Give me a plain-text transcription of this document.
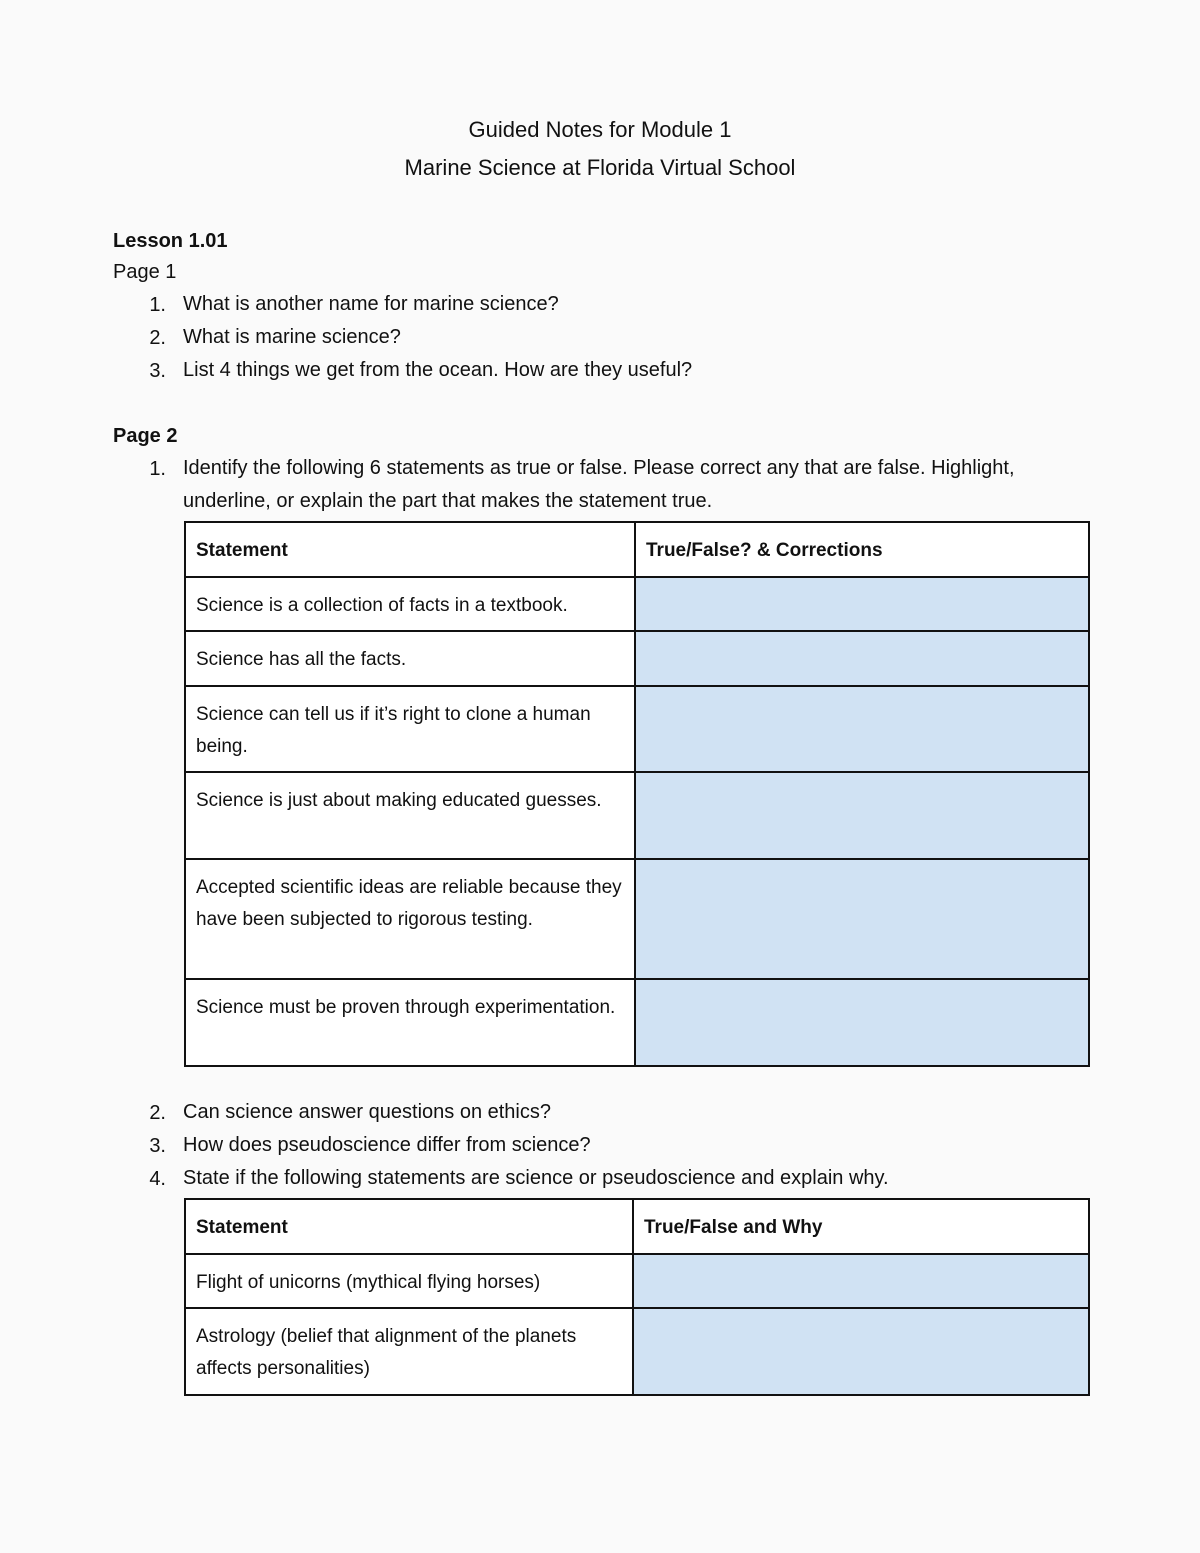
Guided Notes for Module 1
Marine Science at Florida Virtual School
Lesson 1.01
Page 1
1. What is another name for marine science?
2. What is marine science?
3. List 4 things we get from the ocean. How are they useful?
Page 2
1. Identify the following 6 statements as true or false. Please correct any that are false. Highlight, underline, or explain the part that makes the statement true.
Statement	True/False? & Corrections
Science is a collection of facts in a textbook.	
Science has all the facts.	
Science can tell us if it’s right to clone a human being.	
Science is just about making educated guesses.	
Accepted scientific ideas are reliable because they have been subjected to rigorous testing.	
Science must be proven through experimentation.	
2. Can science answer questions on ethics?
3. How does pseudoscience differ from science?
4. State if the following statements are science or pseudoscience and explain why.
Statement	True/False and Why
Flight of unicorns (mythical flying horses)	
Astrology (belief that alignment of the planets affects personalities)	
